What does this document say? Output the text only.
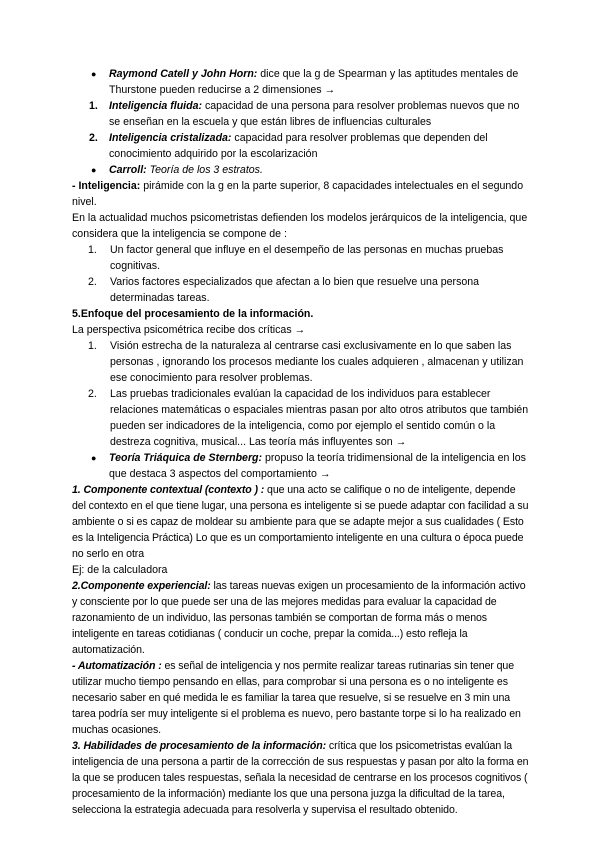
● Raymond Catell y John Horn: dice que la g de Spearman y las aptitudes mentales de Thurstone pueden reducirse a 2 dimensiones →
1. Inteligencia fluida: capacidad de una persona para resolver problemas nuevos que no se enseñan en la escuela y que están libres de influencias culturales
2. Inteligencia cristalizada: capacidad para resolver problemas que dependen del conocimiento adquirido por la escolarización
● Carroll: Teoría de los 3 estratos.

- Inteligencia: pirámide con la g en la parte superior, 8 capacidades intelectuales en el segundo nivel.

En la actualidad muchos psicometristas defienden los modelos jerárquicos de la inteligencia, que considera que la inteligencia se compone de :

1. Un factor general que influye en el desempeño de las personas en muchas pruebas cognitivas.
2. Varios factores especializados que afectan a lo bien que resuelve una persona determinadas tareas.

5.Enfoque del procesamiento de la información.

La perspectiva psicométrica recibe dos críticas →

1. Visión estrecha de la naturaleza al centrarse casi exclusivamente en lo que saben las personas , ignorando los procesos mediante los cuales adquieren , almacenan y utilizan ese conocimiento para resolver problemas.
2. Las pruebas tradicionales evalúan la capacidad de los individuos para establecer relaciones matemáticas o espaciales mientras pasan por alto otros atributos que también pueden ser indicadores de la inteligencia, como por ejemplo el sentido común o la destreza cognitiva, musical... Las teoría más influyentes son →
● Teoría Triáquica de Sternberg: propuso la teoría tridimensional de la inteligencia en los que destaca 3 aspectos del comportamiento →

1. Componente contextual (contexto ) : que una acto se califique o no de inteligente, depende del contexto en el que tiene lugar, una persona es inteligente si se puede adaptar con facilidad a su ambiente o si es capaz de moldear su ambiente para que se adapte mejor a sus cualidades ( Esto es la Inteligencia Práctica) Lo que es un comportamiento inteligente en una cultura o época puede no serlo en otra

Ej: de la calculadora

2.Componente experiencial: las tareas nuevas exigen un procesamiento de la información activo y consciente por lo que puede ser una de las mejores medidas para evaluar la capacidad de razonamiento de un individuo, las personas también se comportan de forma más o menos inteligente en tareas cotidianas ( conducir un coche, prepar la comida...) esto refleja la automatización.

- Automatización : es señal de inteligencia y nos permite realizar tareas rutinarias sin tener que utilizar mucho tiempo pensando en ellas, para comprobar si una persona es o no inteligente es necesario saber en qué medida le es familiar la tarea que resuelve, si se resuelve en 3 min una tarea podría ser muy inteligente si el problema es nuevo, pero bastante torpe si lo ha realizado en muchas ocasiones.

3. Habilidades de procesamiento de la información: crítica que los psicometristas evalúan la inteligencia de una persona a partir de la corrección de sus respuestas y pasan por alto la forma en la que se producen tales respuestas, señala la necesidad de centrarse en los procesos cognitivos ( procesamiento de la información) mediante los que una persona juzga la dificultad de la tarea, selecciona la estrategia adecuada para resolverla y supervisa el resultado obtenido.
